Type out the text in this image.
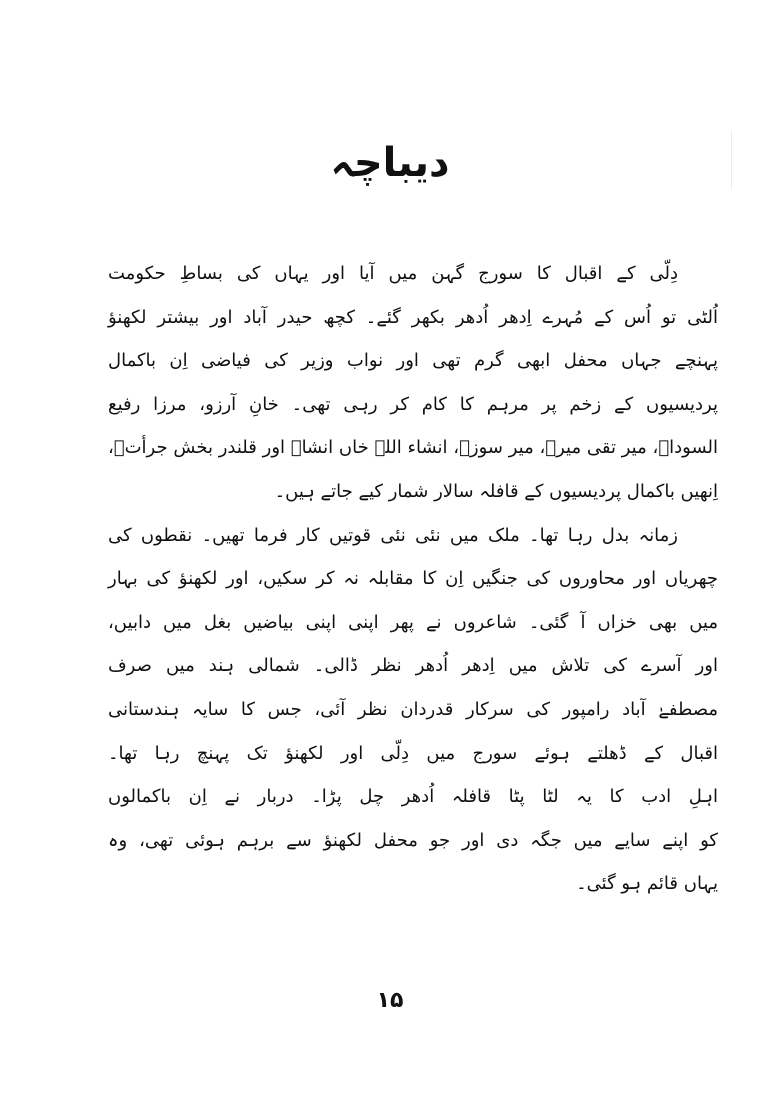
دیباچہ
دِلّی کے اقبال کا سورج گہن میں آیا اور یہاں کی بساطِ حکومت
اُلٹی تو اُس کے مُہرے اِدھر اُدھر بکھر گئے۔ کچھ حیدر آباد اور بیشتر لکھنؤ
پہنچے جہاں محفل ابھی گرم تھی اور نواب وزیر کی فیاضی اِن باکمال
پردیسیوں کے زخم پر مرہم کا کام کر رہی تھی۔ خانِ آرزو، مرزا رفیع
السوداؔ، میر تقی میرؔ، میر سوزؔ، انشاء اللہ خاں انشاؔ اور قلندر بخش جرأتؔ،
اِنھیں باکمال پردیسیوں کے قافلہ سالار شمار کیے جاتے ہیں۔
زمانہ بدل رہا تھا۔ ملک میں نئی نئی قوتیں کار فرما تھیں۔ نقطوں کی
چھریاں اور محاوروں کی جنگیں اِن کا مقابلہ نہ کر سکیں، اور لکھنؤ کی بہار
میں بھی خزاں آ گئی۔ شاعروں نے پھر اپنی اپنی بیاضیں بغل میں دابیں،
اور آسرے کی تلاش میں اِدھر اُدھر نظر ڈالی۔ شمالی ہند میں صرف
مصطفےٰ آباد رامپور کی سرکار قدردان نظر آئی، جس کا سایہ ہندستانی
اقبال کے ڈھلتے ہوئے سورج میں دِلّی اور لکھنؤ تک پہنچ رہا تھا۔
اہلِ ادب کا یہ لٹا پٹا قافلہ اُدھر چل پڑا۔ دربار نے اِن باکمالوں
کو اپنے سایے میں جگہ دی اور جو محفل لکھنؤ سے برہم ہوئی تھی، وہ
یہاں قائم ہو گئی۔
۱۵
